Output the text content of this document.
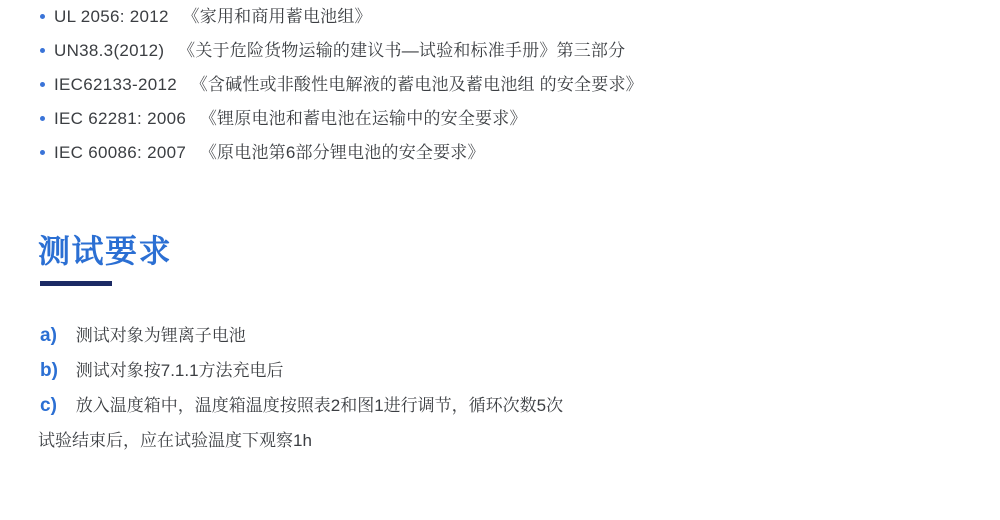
UL 2056: 2012 《家用和商用蓄电池组》
UN38.3(2012) 《关于危险货物运输的建议书—试验和标准手册》第三部分
IEC62133-2012 《含碱性或非酸性电解液的蓄电池及蓄电池组 的安全要求》
IEC 62281: 2006 《锂原电池和蓄电池在运输中的安全要求》
IEC 60086: 2007 《原电池第6部分锂电池的安全要求》
测试要求
a) 测试对象为锂离子电池
b) 测试对象按7.1.1方法充电后
c) 放入温度箱中，温度箱温度按照表2和图1进行调节，循环次数5次
试验结束后，应在试验温度下观察1h
